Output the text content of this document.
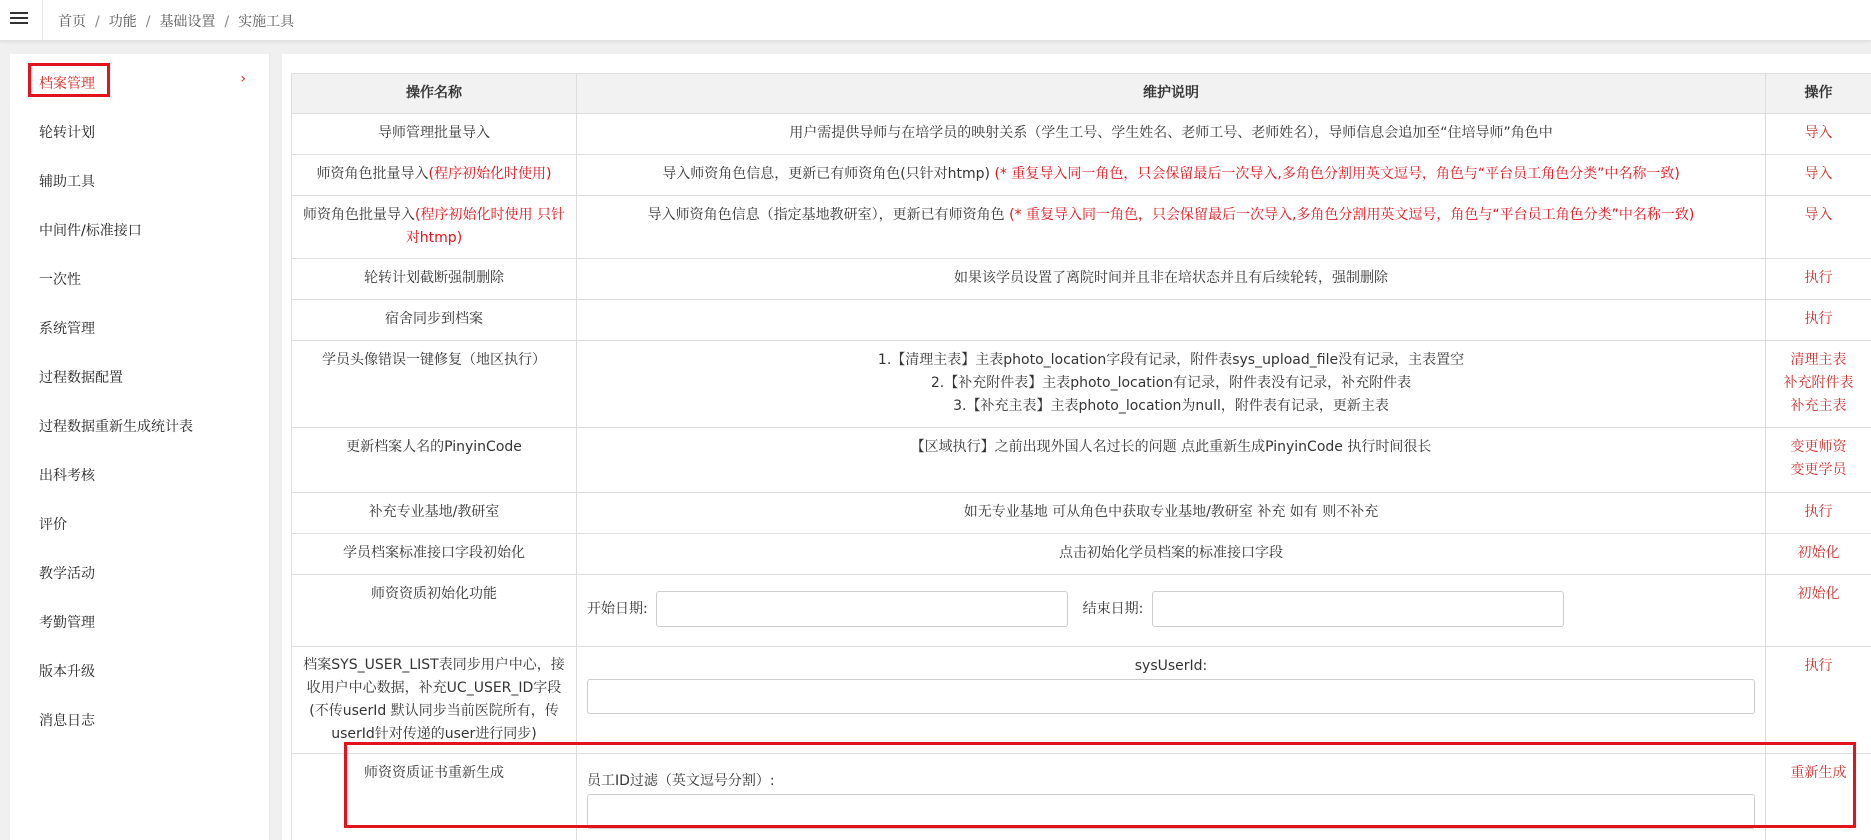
首页 / 功能 / 基础设置 / 实施工具
档案管理	›
轮转计划
辅助工具
中间件/标准接口
一次性
系统管理
过程数据配置
过程数据重新生成统计表
出科考核
评价
教学活动
考勤管理
版本升级
消息日志
操作名称	维护说明	操作
导师管理批量导入	用户需提供导师与在培学员的映射关系（学生工号、学生姓名、老师工号、老师姓名），导师信息会追加至“住培导师”角色中	导入

师资角色批量导入(程序初始化时使用)	导入师资角色信息，更新已有师资角色(只针对htmp) (* 重复导入同一角色，只会保留最后一次导入,多角色分割用英文逗号，角色与“平台员工角色分类”中名称一致)	导入

师资角色批量导入(程序初始化时使用 只针对htmp)	导入师资角色信息（指定基地教研室），更新已有师资角色 (* 重复导入同一角色，只会保留最后一次导入,多角色分割用英文逗号，角色与“平台员工角色分类”中名称一致)	导入

轮转计划截断强制删除	如果该学员设置了离院时间并且非在培状态并且有后续轮转，强制删除	执行

宿舍同步到档案		执行

学员头像错误一键修复（地区执行）	1.【清理主表】主表photo_location字段有记录，附件表sys_upload_file没有记录，主表置空
2.【补充附件表】主表photo_location有记录，附件表没有记录，补充附件表
3.【补充主表】主表photo_location为null，附件表有记录，更新主表	清理主表
补充附件表
补充主表

更新档案人名的PinyinCode	【区域执行】之前出现外国人名过长的问题 点此重新生成PinyinCode 执行时间很长	变更师资
变更学员

补充专业基地/教研室	如无专业基地 可从角色中获取专业基地/教研室 补充 如有 则不补充	执行

学员档案标准接口字段初始化	点击初始化学员档案的标准接口字段	初始化

师资资质初始化功能	开始日期: 结束日期:	初始化

档案SYS_USER_LIST表同步用户中心，接收用户中心数据，补充UC_USER_ID字段(不传userId 默认同步当前医院所有，传userId针对传递的user进行同步)	sysUserId:	执行

师资资质证书重新生成	员工ID过滤（英文逗号分割）:	重新生成
